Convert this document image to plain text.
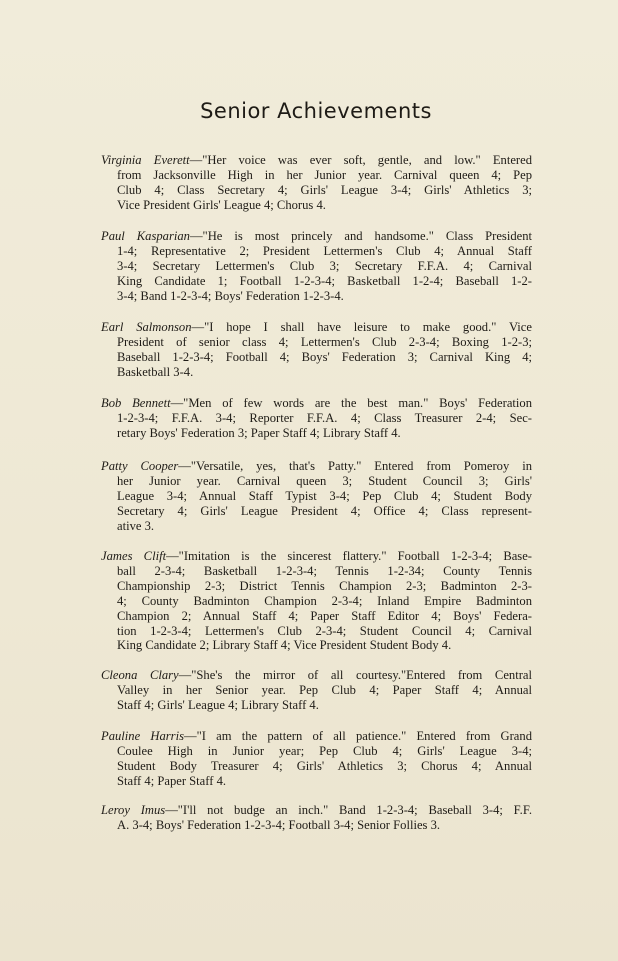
Senior Achievements
Virginia Everett—"Her voice was ever soft, gentle, and low." Entered
from Jacksonville High in her Junior year. Carnival queen 4; Pep
Club 4; Class Secretary 4; Girls' League 3-4; Girls' Athletics 3;
Vice President Girls' League 4; Chorus 4.
Paul Kasparian—"He is most princely and handsome." Class President
1-4; Representative 2; President Lettermen's Club 4; Annual Staff
3-4; Secretary Lettermen's Club 3; Secretary F.F.A. 4; Carnival
King Candidate 1; Football 1-2-3-4; Basketball 1-2-4; Baseball 1-2-
3-4; Band 1-2-3-4; Boys' Federation 1-2-3-4.
Earl Salmonson—"I hope I shall have leisure to make good." Vice
President of senior class 4; Lettermen's Club 2-3-4; Boxing 1-2-3;
Baseball 1-2-3-4; Football 4; Boys' Federation 3; Carnival King 4;
Basketball 3-4.
Bob Bennett—"Men of few words are the best man." Boys' Federation
1-2-3-4; F.F.A. 3-4; Reporter F.F.A. 4; Class Treasurer 2-4; Sec-
retary Boys' Federation 3; Paper Staff 4; Library Staff 4.
Patty Cooper—"Versatile, yes, that's Patty." Entered from Pomeroy in
her Junior year. Carnival queen 3; Student Council 3; Girls'
League 3-4; Annual Staff Typist 3-4; Pep Club 4; Student Body
Secretary 4; Girls' League President 4; Office 4; Class represent-
ative 3.
James Clift—"Imitation is the sincerest flattery." Football 1-2-3-4; Base-
ball 2-3-4; Basketball 1-2-3-4; Tennis 1-2-34; County Tennis
Championship 2-3; District Tennis Champion 2-3; Badminton 2-3-
4; County Badminton Champion 2-3-4; Inland Empire Badminton
Champion 2; Annual Staff 4; Paper Staff Editor 4; Boys' Federa-
tion 1-2-3-4; Lettermen's Club 2-3-4; Student Council 4; Carnival
King Candidate 2; Library Staff 4; Vice President Student Body 4.
Cleona Clary—"She's the mirror of all courtesy."Entered from Central
Valley in her Senior year. Pep Club 4; Paper Staff 4; Annual
Staff 4; Girls' League 4; Library Staff 4.
Pauline Harris—"I am the pattern of all patience." Entered from Grand
Coulee High in Junior year; Pep Club 4; Girls' League 3-4;
Student Body Treasurer 4; Girls' Athletics 3; Chorus 4; Annual
Staff 4; Paper Staff 4.
Leroy Imus—"I'll not budge an inch." Band 1-2-3-4; Baseball 3-4; F.F.
A. 3-4; Boys' Federation 1-2-3-4; Football 3-4; Senior Follies 3.
